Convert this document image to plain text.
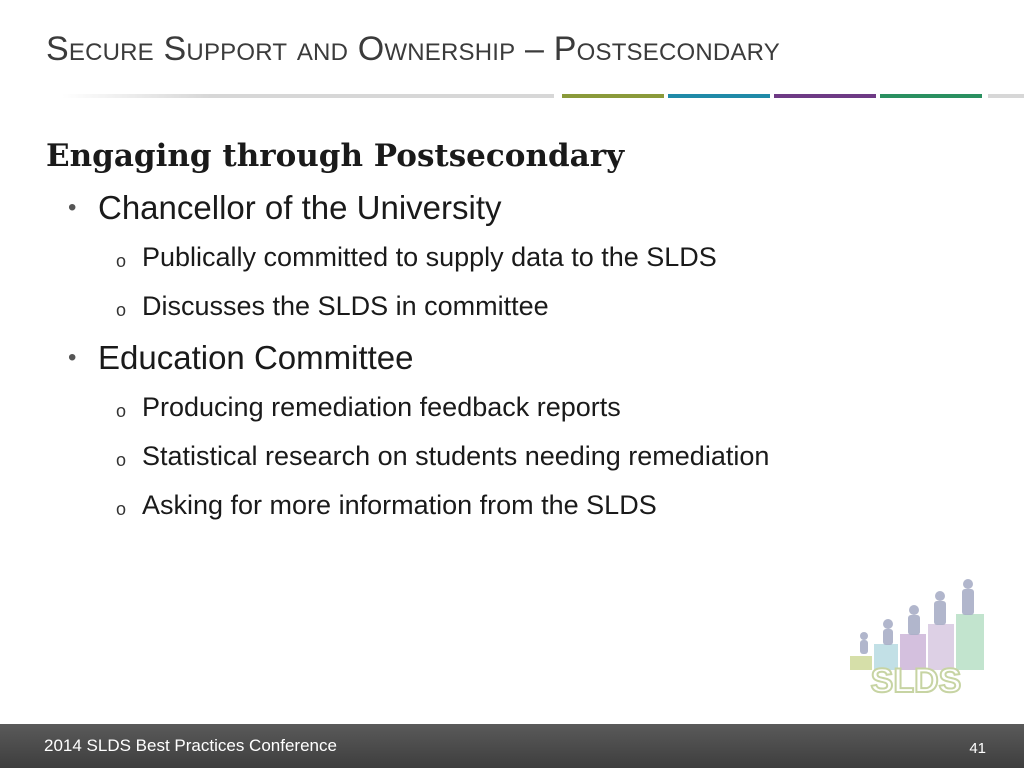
Secure Support and Ownership – Postsecondary
Engaging through Postsecondary
• Chancellor of the University
o Publically committed to supply data to the SLDS
o Discusses the SLDS in committee
• Education Committee
o Producing remediation feedback reports
o Statistical research on students needing remediation
o Asking for more information from the SLDS
SLDS
2014 SLDS Best Practices Conference	41
